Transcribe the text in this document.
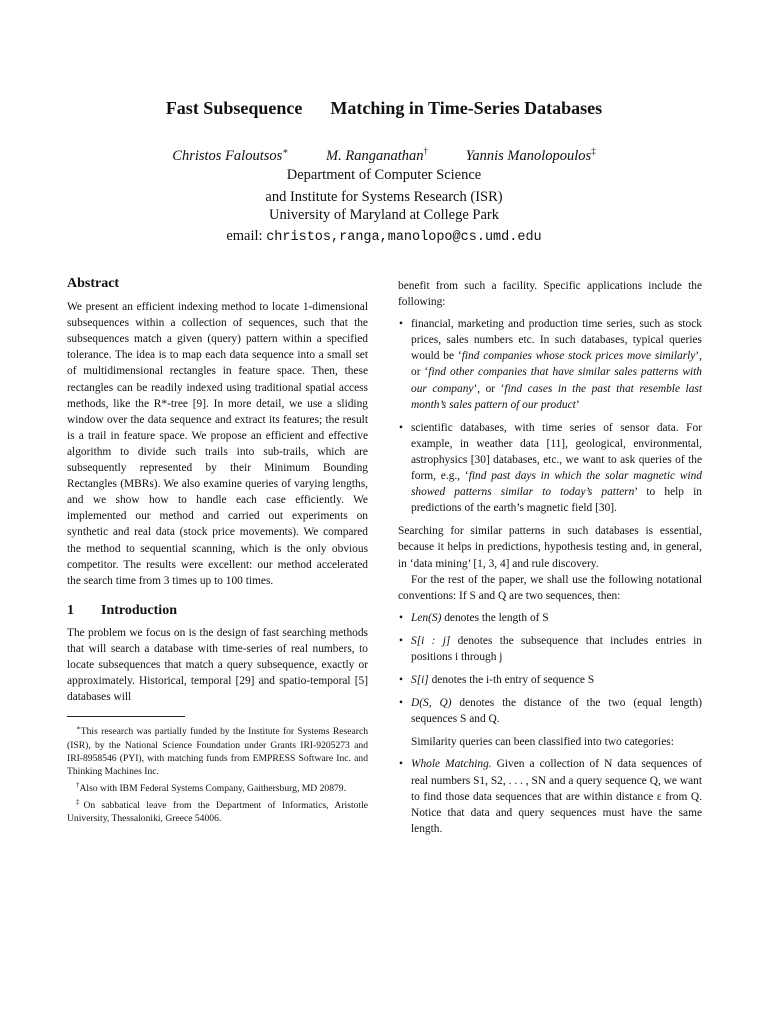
Fast Subsequence Matching in Time-Series Databases
Christos Faloutsos∗	M. Ranganathan†	Yannis Manolopoulos‡
Department of Computer Science
and Institute for Systems Research (ISR)
University of Maryland at College Park
email: christos,ranga,manolopo@cs.umd.edu
Abstract

We present an efficient indexing method to locate 1-dimensional subsequences within a collection of sequences, such that the subsequences match a given (query) pattern within a specified tolerance. The idea is to map each data sequence into a small set of multidimensional rectangles in feature space. Then, these rectangles can be readily indexed using traditional spatial access methods, like the R*-tree [9]. In more detail, we use a sliding window over the data sequence and extract its features; the result is a trail in feature space. We propose an efficient and effective algorithm to divide such trails into sub-trails, which are subsequently represented by their Minimum Bounding Rectangles (MBRs). We also examine queries of varying lengths, and we show how to handle each case efficiently. We implemented our method and carried out experiments on synthetic and real data (stock price movements). We compared the method to sequential scanning, which is the only obvious competitor. The results were excellent: our method accelerated the search time from 3 times up to 100 times.

1 Introduction

The problem we focus on is the design of fast searching methods that will search a database with time-series of real numbers, to locate subsequences that match a query subsequence, exactly or approximately. Historical, temporal [29] and spatio-temporal [5] databases will

∗This research was partially funded by the Institute for Systems Research (ISR), by the National Science Foundation under Grants IRI-9205273 and IRI-8958546 (PYI), with matching funds from EMPRESS Software Inc. and Thinking Machines Inc.

†Also with IBM Federal Systems Company, Gaithersburg, MD 20879.

‡On sabbatical leave from the Department of Informatics, Aristotle University, Thessaloniki, Greece 54006.

benefit from such a facility. Specific applications include the following:

• financial, marketing and production time series, such as stock prices, sales numbers etc. In such databases, typical queries would be ‘find companies whose stock prices move similarly’, or ‘find other companies that have similar sales patterns with our company’, or ‘find cases in the past that resemble last month’s sales pattern of our product’
• scientific databases, with time series of sensor data. For example, in weather data [11], geological, environmental, astrophysics [30] databases, etc., we want to ask queries of the form, e.g., ‘find past days in which the solar magnetic wind showed patterns similar to today’s pattern’ to help in predictions of the earth’s magnetic field [30].

Searching for similar patterns in such databases is essential, because it helps in predictions, hypothesis testing and, in general, in ‘data mining’ [1, 3, 4] and rule discovery.

For the rest of the paper, we shall use the following notational conventions: If S and Q are two sequences, then:

• Len(S) denotes the length of S
• S[i : j] denotes the subsequence that includes entries in positions i through j
• S[i] denotes the i-th entry of sequence S
• D(S, Q) denotes the distance of the two (equal length) sequences S and Q.

Similarity queries can been classified into two categories:

• Whole Matching. Given a collection of N data sequences of real numbers S1, S2, . . . , SN and a query sequence Q, we want to find those data sequences that are within distance ε from Q. Notice that data and query sequences must have the same length.
